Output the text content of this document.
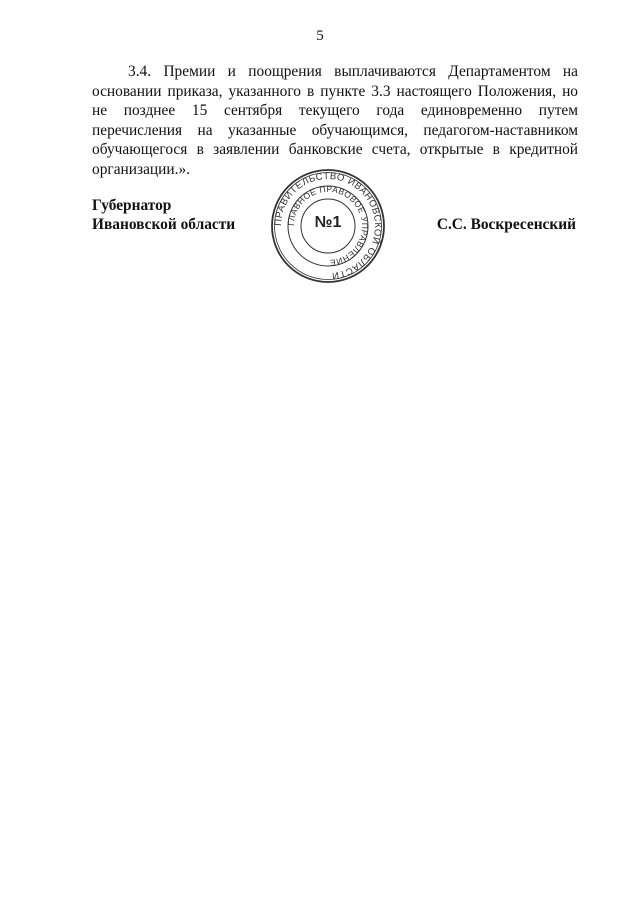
5

3.4. Премии и поощрения выплачиваются Департаментом на основании приказа, указанного в пункте 3.3 настоящего Положения, но не позднее 15 сентября текущего года единовременно путем перечисления на указанные обучающимся, педагогом-наставником обучающегося в заявлении банковские счета, открытые в кредитной организации.».

Губернатор
Ивановской области	ПРАВИТЕЛЬСТВО ИВАНОВСКОЙ ОБЛАСТИ
ГЛАВНОЕ ПРАВОВОЕ УПРАВЛЕНИЕ
№1	С.С. Воскресенский
